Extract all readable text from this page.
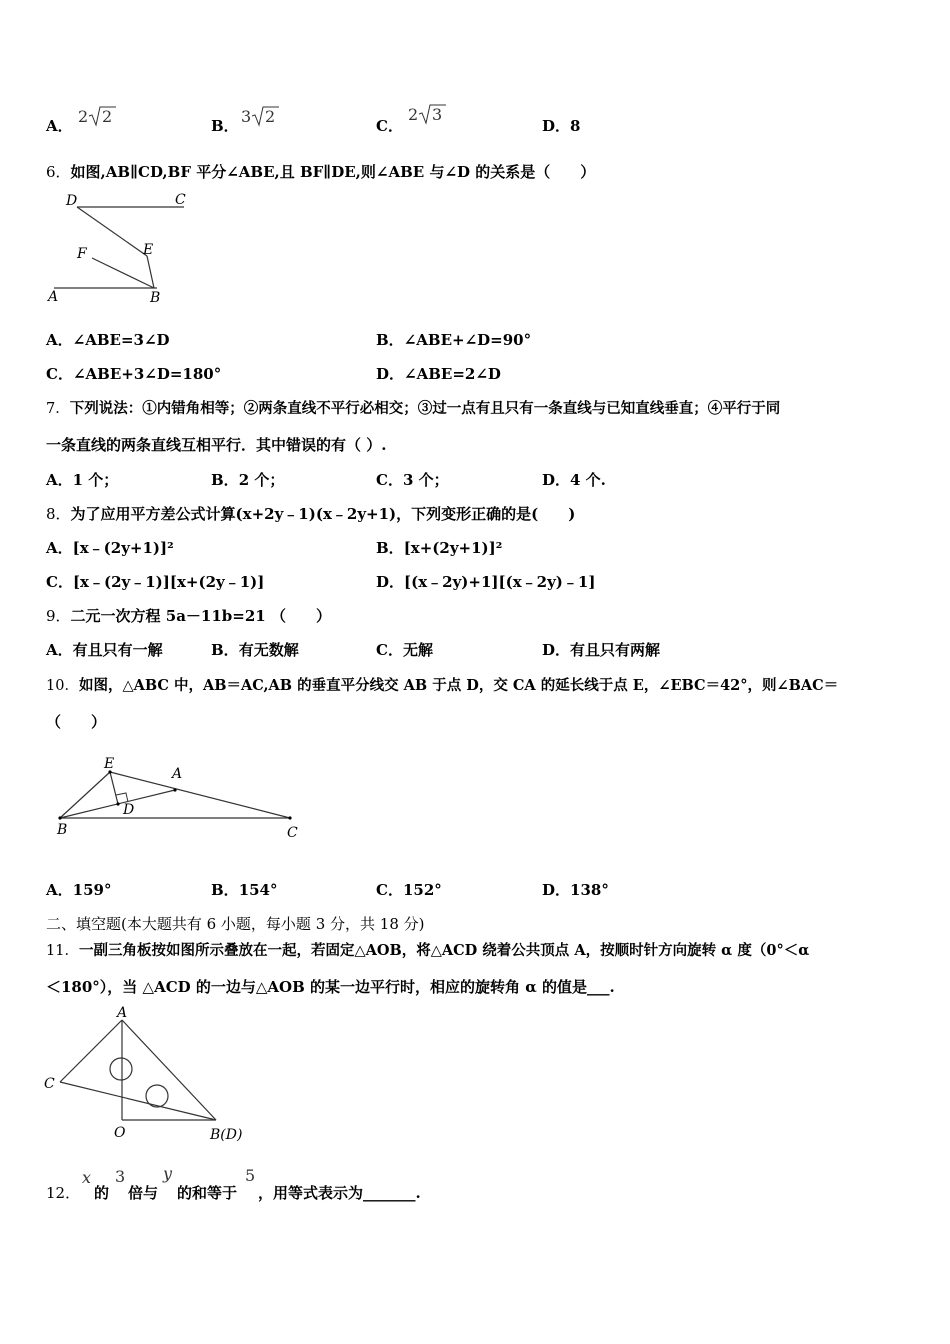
A． 2 2	B． 3 2	C．
2 3
D．8
6．如图,AB∥CD,BF 平分∠ABE,且 BF∥DE,则∠ABE 与∠D 的关系是（　　）
D	C
F	E
A	B
A．∠ABE=3∠D	B．∠ABE+∠D=90°
C．∠ABE+3∠D=180°	D．∠ABE=2∠D
7．下列说法：①内错角相等；②两条直线不平行必相交；③过一点有且只有一条直线与已知直线垂直；④平行于同
一条直线的两条直线互相平行．其中错误的有（ ）.
A．1 个；	B．2 个；	C．3 个；	D．4 个.
8．为了应用平方差公式计算(x+2y﹣1)(x﹣2y+1)，下列变形正确的是(　　)
A．[x﹣(2y+1)]²	B．[x+(2y+1)]²
C．[x﹣(2y﹣1)][x+(2y﹣1)]	D．[(x﹣2y)+1][(x﹣2y)﹣1]
9．二元一次方程 5a－11b=21 （　　）
A．有且只有一解	B．有无数解	C．无解	D．有且只有两解
10．如图，△ABC 中，AB＝AC,AB 的垂直平分线交 AB 于点 D，交 CA 的延长线于点 E，∠EBC＝42°，则∠BAC＝
（　　）
E
A
D
B	C
A．159°	B．154°	C．152°	D．138°
二、填空题(本大题共有 6 小题，每小题 3 分，共 18 分)
11．一副三角板按如图所示叠放在一起，若固定△AOB，将△ACD 绕着公共顶点 A，按顺时针方向旋转 α 度（0°＜α
＜180°），当 △ACD 的一边与△AOB 的某一边平行时，相应的旋转角 α 的值是___.
A
C
O	B(D)
12．
x
的
3
倍与
y
的和等于
5
，用等式表示为_______.
